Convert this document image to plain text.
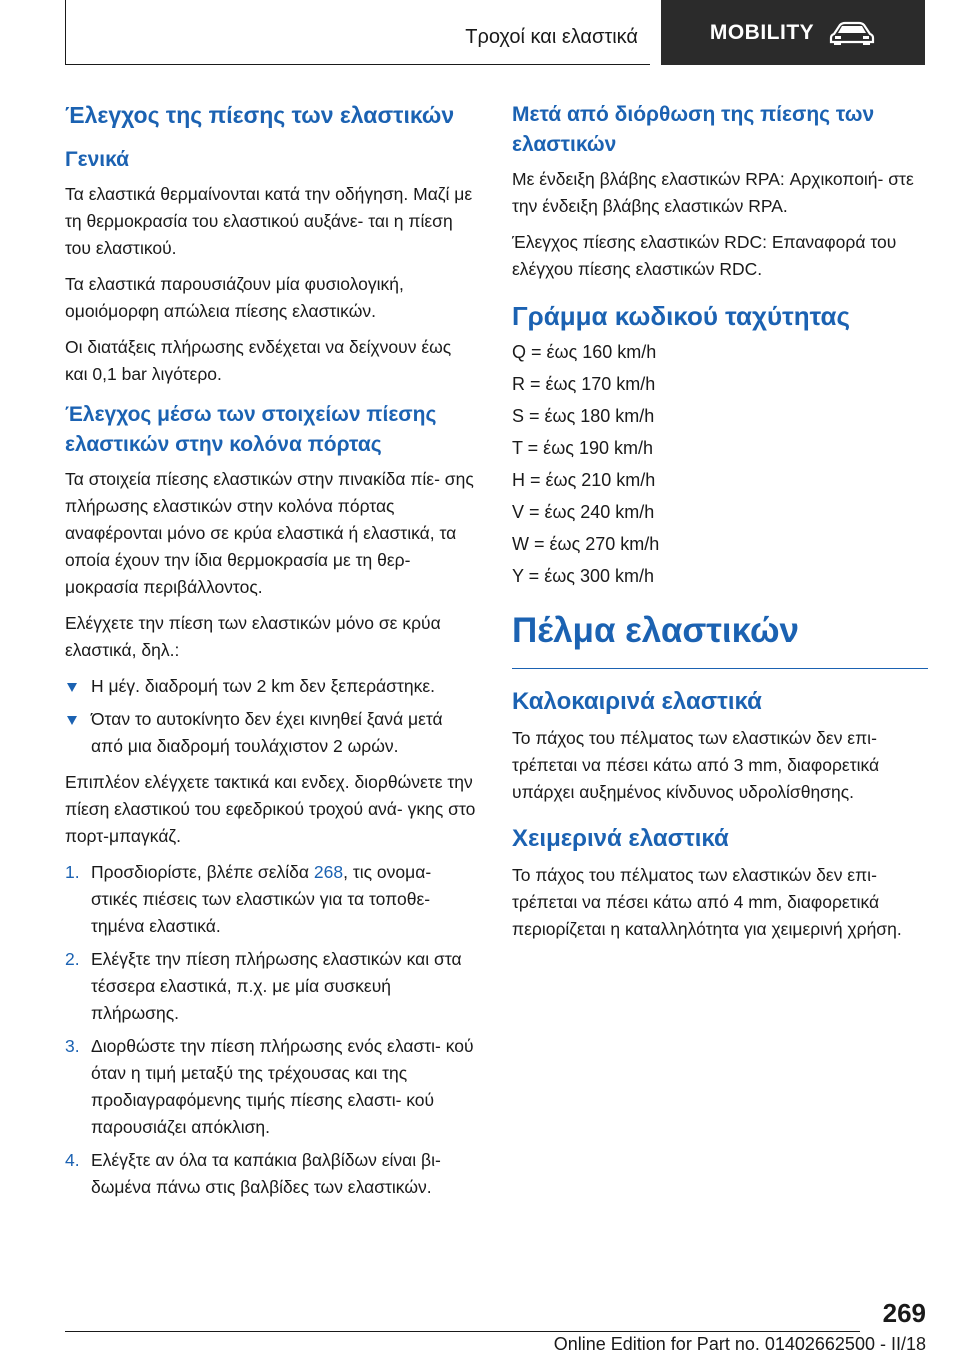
Τροχοί και ελαστικά	MOBILITY
Έλεγχος της πίεσης των ελαστικών
Γενικά

Τα ελαστικά θερμαίνονται κατά την οδήγηση. Μαζί με τη θερμοκρασία του ελαστικού αυξάνε‐ ται η πίεση του ελαστικού.

Τα ελαστικά παρουσιάζουν μία φυσιολογική, ομοιόμορφη απώλεια πίεσης ελαστικών.

Οι διατάξεις πλήρωσης ενδέχεται να δείχνουν έως και 0,1 bar λιγότερο.

Έλεγχος μέσω των στοιχείων πίεσης ελαστικών στην κολόνα πόρτας

Τα στοιχεία πίεσης ελαστικών στην πινακίδα πίε‐ σης πλήρωσης ελαστικών στην κολόνα πόρτας αναφέρονται μόνο σε κρύα ελαστικά ή ελαστικά, τα οποία έχουν την ίδια θερμοκρασία με τη θερ‐ μοκρασία περιβάλλοντος.

Ελέγχετε την πίεση των ελαστικών μόνο σε κρύα ελαστικά, δηλ.:

Η μέγ. διαδρομή των 2 km δεν ξεπεράστηκε.
Όταν το αυτοκίνητο δεν έχει κινηθεί ξανά μετά από μια διαδρομή τουλάχιστον 2 ωρών.

Επιπλέον ελέγχετε τακτικά και ενδεχ. διορθώνετε την πίεση ελαστικού του εφεδρικού τροχού ανά‐ γκης στο πορτ-μπαγκάζ.

1. Προσδιορίστε, βλέπε σελίδα 268, τις ονομα‐ στικές πιέσεις των ελαστικών για τα τοποθε‐ τημένα ελαστικά.
2. Ελέγξτε την πίεση πλήρωσης ελαστικών και στα τέσσερα ελαστικά, π.χ. με μία συσκευή πλήρωσης.
3. Διορθώστε την πίεση πλήρωσης ενός ελαστι‐ κού όταν η τιμή μεταξύ της τρέχουσας και της προδιαγραφόμενης τιμής πίεσης ελαστι‐ κού παρουσιάζει απόκλιση.
4. Ελέγξτε αν όλα τα καπάκια βαλβίδων είναι βι‐ δωμένα πάνω στις βαλβίδες των ελαστικών.
Μετά από διόρθωση της πίεσης των ελαστικών

Με ένδειξη βλάβης ελαστικών RPA: Αρχικοποιή‐ στε την ένδειξη βλάβης ελαστικών RPA.

Έλεγχος πίεσης ελαστικών RDC: Επαναφορά του ελέγχου πίεσης ελαστικών RDC.

Γράμμα κωδικού ταχύτητας

Q = έως 160 km/h

R = έως 170 km/h

S = έως 180 km/h

T = έως 190 km/h

H = έως 210 km/h

V = έως 240 km/h

W = έως 270 km/h

Y = έως 300 km/h

Πέλμα ελαστικών
Καλοκαιρινά ελαστικά

Το πάχος του πέλματος των ελαστικών δεν επι‐ τρέπεται να πέσει κάτω από 3 mm, διαφορετικά υπάρχει αυξημένος κίνδυνος υδρολίσθησης.

Χειμερινά ελαστικά

Το πάχος του πέλματος των ελαστικών δεν επι‐ τρέπεται να πέσει κάτω από 4 mm, διαφορετικά περιορίζεται η καταλληλότητα για χειμερινή χρήση.

269
Online Edition for Part no. 01402662500 - II/18
